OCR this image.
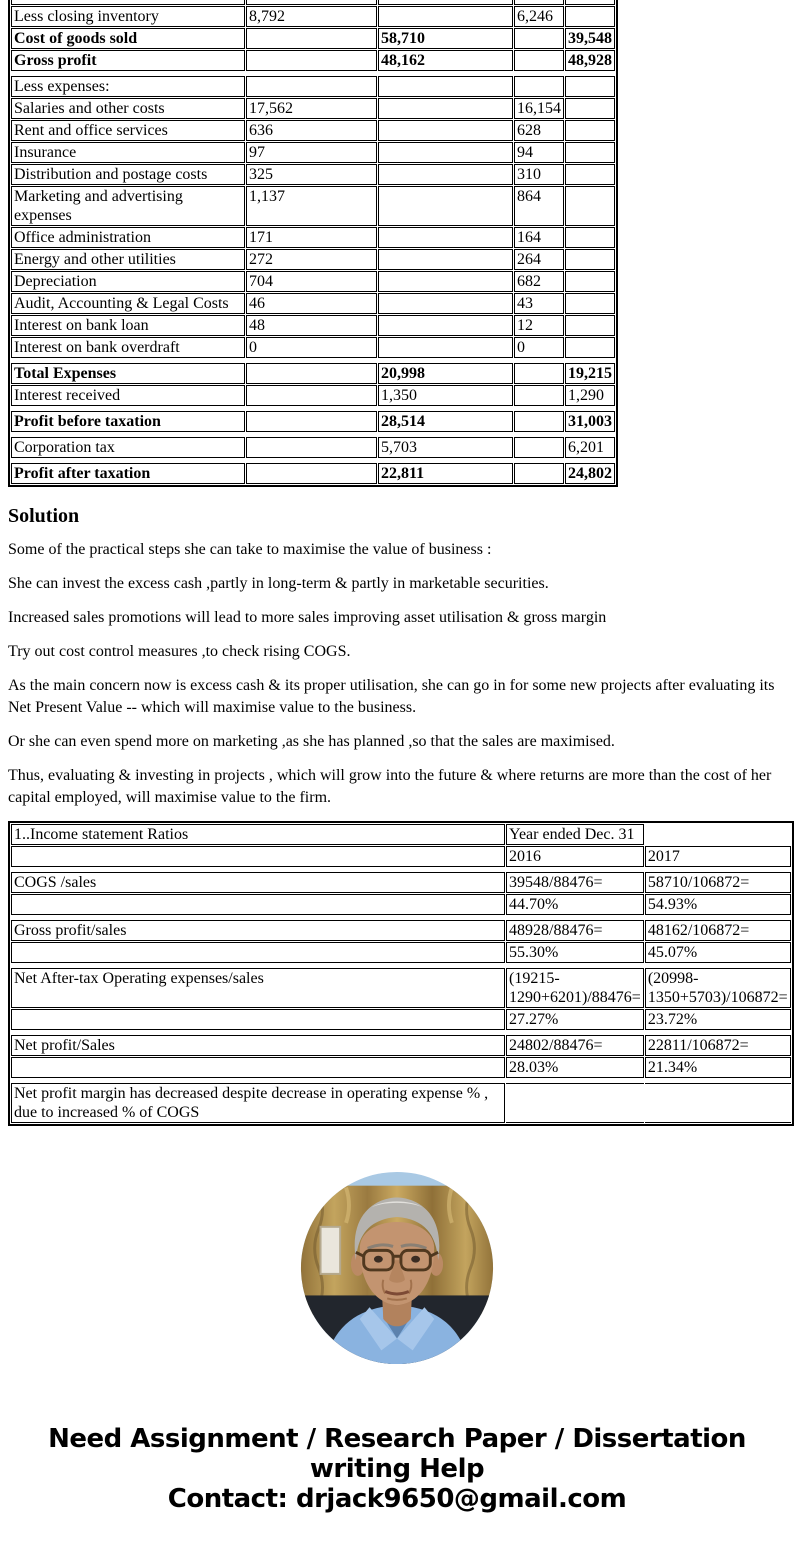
Less closing inventory	8,792		6,246	
Cost of goods sold		58,710		39,548
Gross profit		48,162		48,928

Less expenses:				
Salaries and other costs	17,562		16,154	
Rent and office services	636		628	
Insurance	97		94	
Distribution and postage costs	325		310	
Marketing and advertising expenses	1,137		864	
Office administration	171		164	
Energy and other utilities	272		264	
Depreciation	704		682	
Audit, Accounting & Legal Costs	46		43	
Interest on bank loan	48		12	
Interest on bank overdraft	0		0	

Total Expenses		20,998		19,215
Interest received		1,350		1,290

Profit before taxation		28,514		31,003

Corporation tax		5,703		6,201

Profit after taxation		22,811		24,802
Solution

Some of the practical steps she can take to maximise the value of business :

She can invest the excess cash ,partly in long-term & partly in marketable securities.

Increased sales promotions will lead to more sales improving asset utilisation & gross margin

Try out cost control measures ,to check rising COGS.

As the main concern now is excess cash & its proper utilisation, she can go in for some new projects after evaluating its Net Present Value -- which will maximise value to the business.

Or she can even spend more on marketing ,as she has planned ,so that the sales are maximised.

Thus, evaluating & investing in projects , which will grow into the future & where returns are more than the cost of her capital employed, will maximise value to the firm.

1..Income statement Ratios	Year ended Dec. 31	
	2016	2017

COGS /sales	39548/88476=	58710/106872=
	44.70%	54.93%

Gross profit/sales	48928/88476=	48162/106872=
	55.30%	45.07%

Net After-tax Operating expenses/sales	(19215-1290+6201)/88476=	(20998-1350+5703)/106872=
	27.27%	23.72%

Net profit/Sales	24802/88476=	22811/106872=
	28.03%	21.34%

Net profit margin has decreased despite decrease in operating expense % , due to increased % of COGS		
Need Assignment / Research Paper / Dissertation
writing Help
Contact: drjack9650@gmail.com
